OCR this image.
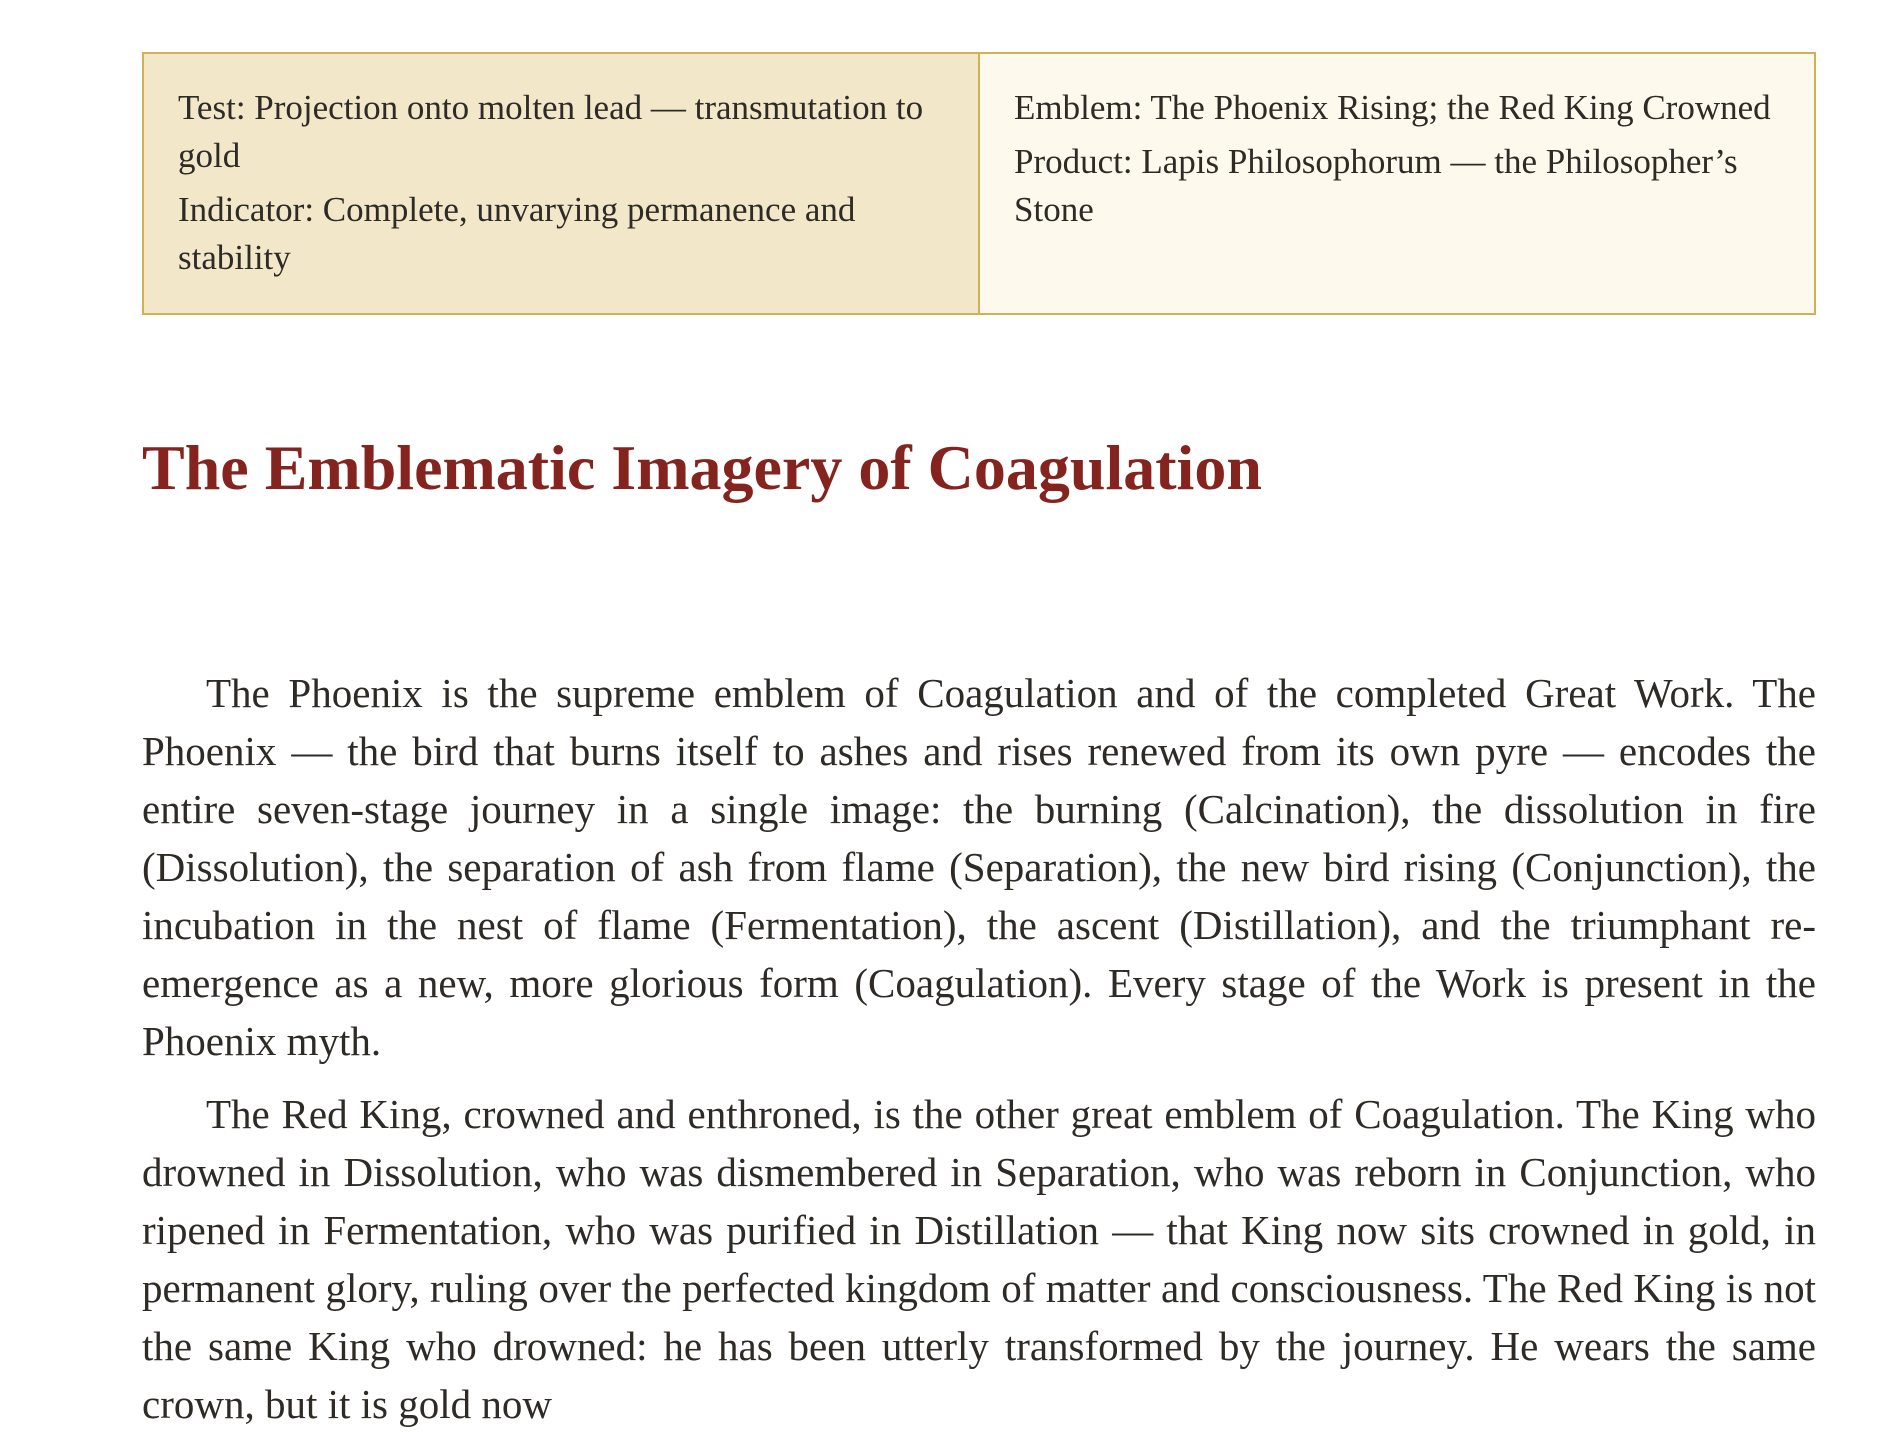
Test: Projection onto molten lead — transmutation to gold

Indicator: Complete, unvarying permanence and stability

Emblem: The Phoenix Rising; the Red King Crowned

Product: Lapis Philosophorum — the Philosopher’s Stone

The Emblematic Imagery of Coagulation

The Phoenix is the supreme emblem of Coagulation and of the completed Great Work. The Phoenix — the bird that burns itself to ashes and rises renewed from its own pyre — encodes the entire seven-stage journey in a single image: the burning (Calcination), the dissolution in fire (Dissolution), the separation of ash from flame (Separation), the new bird rising (Conjunction), the incubation in the nest of flame (Fermentation), the ascent (Distillation), and the triumphant re-emergence as a new, more glorious form (Coagulation). Every stage of the Work is present in the Phoenix myth.

The Red King, crowned and enthroned, is the other great emblem of Coagulation. The King who drowned in Dissolution, who was dismembered in Separation, who was reborn in Conjunction, who ripened in Fermentation, who was purified in Distillation — that King now sits crowned in gold, in permanent glory, ruling over the perfected kingdom of matter and consciousness. The Red King is not the same King who drowned: he has been utterly transformed by the journey. He wears the same crown, but it is gold now
